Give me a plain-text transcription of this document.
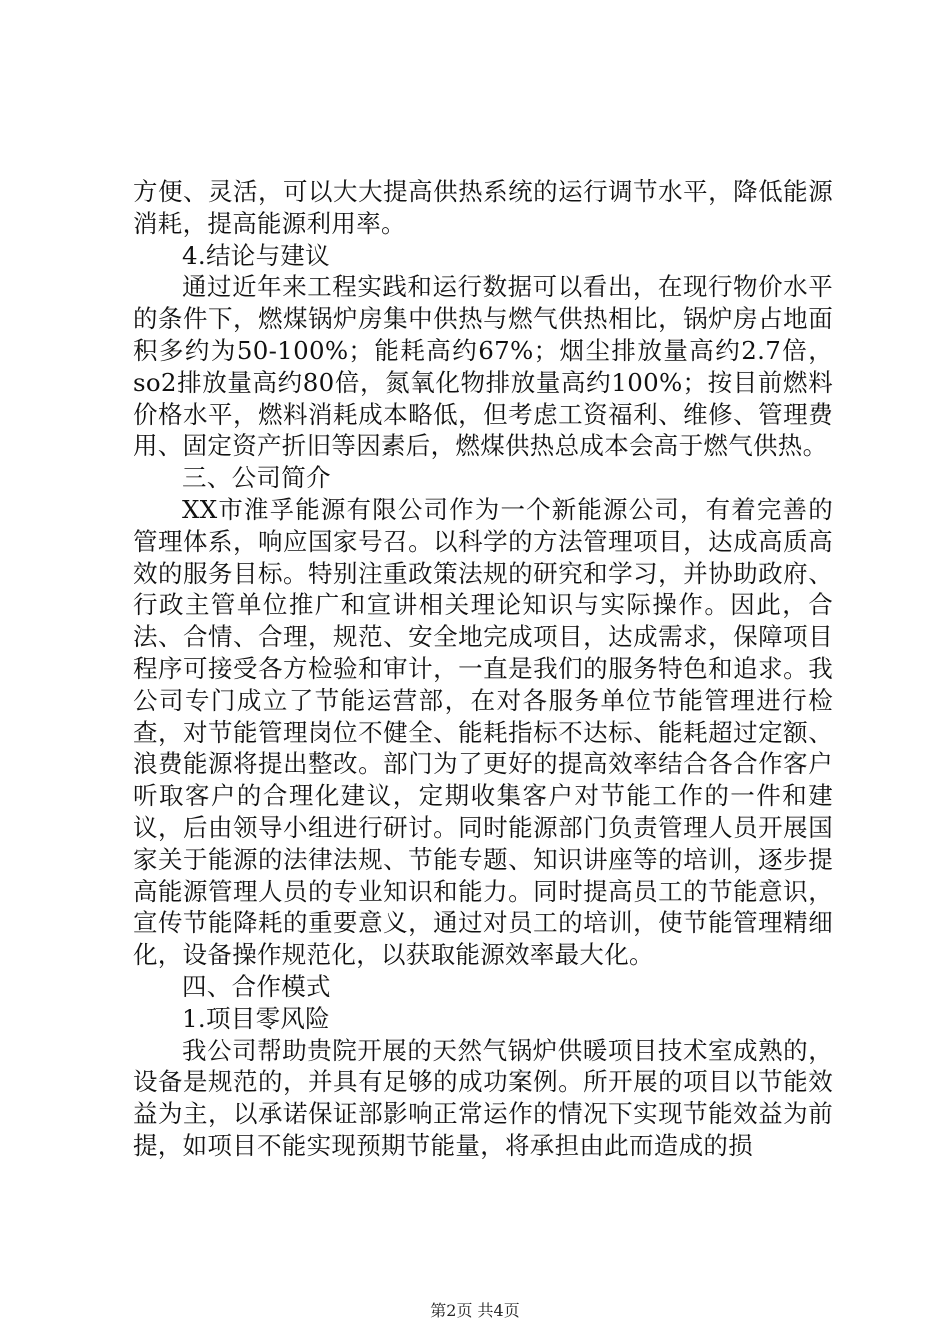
方便、灵活，可以大大提高供热系统的运行调节水平，降低能源消耗，提高能源利用率。

4.结论与建议

通过近年来工程实践和运行数据可以看出，在现行物价水平的条件下，燃煤锅炉房集中供热与燃气供热相比，锅炉房占地面积多约为50-100%；能耗高约67%；烟尘排放量高约2.7倍，so2排放量高约80倍，氮氧化物排放量高约100%；按目前燃料价格水平，燃料消耗成本略低，但考虑工资福利、维修、管理费用、固定资产折旧等因素后，燃煤供热总成本会高于燃气供热。

三、公司简介

XX市淮孚能源有限公司作为一个新能源公司，有着完善的管理体系，响应国家号召。以科学的方法管理项目，达成高质高效的服务目标。特别注重政策法规的研究和学习，并协助政府、行政主管单位推广和宣讲相关理论知识与实际操作。因此，合法、合情、合理，规范、安全地完成项目，达成需求，保障项目程序可接受各方检验和审计，一直是我们的服务特色和追求。我公司专门成立了节能运营部，在对各服务单位节能管理进行检查，对节能管理岗位不健全、能耗指标不达标、能耗超过定额、浪费能源将提出整改。部门为了更好的提高效率结合各合作客户听取客户的合理化建议，定期收集客户对节能工作的一件和建议，后由领导小组进行研讨。同时能源部门负责管理人员开展国家关于能源的法律法规、节能专题、知识讲座等的培训，逐步提高能源管理人员的专业知识和能力。同时提高员工的节能意识，宣传节能降耗的重要意义，通过对员工的培训，使节能管理精细化，设备操作规范化，以获取能源效率最大化。

四、合作模式

1.项目零风险

我公司帮助贵院开展的天然气锅炉供暖项目技术室成熟的，设备是规范的，并具有足够的成功案例。所开展的项目以节能效益为主，以承诺保证部影响正常运作的情况下实现节能效益为前提，如项目不能实现预期节能量，将承担由此而造成的损

第2页 共4页
